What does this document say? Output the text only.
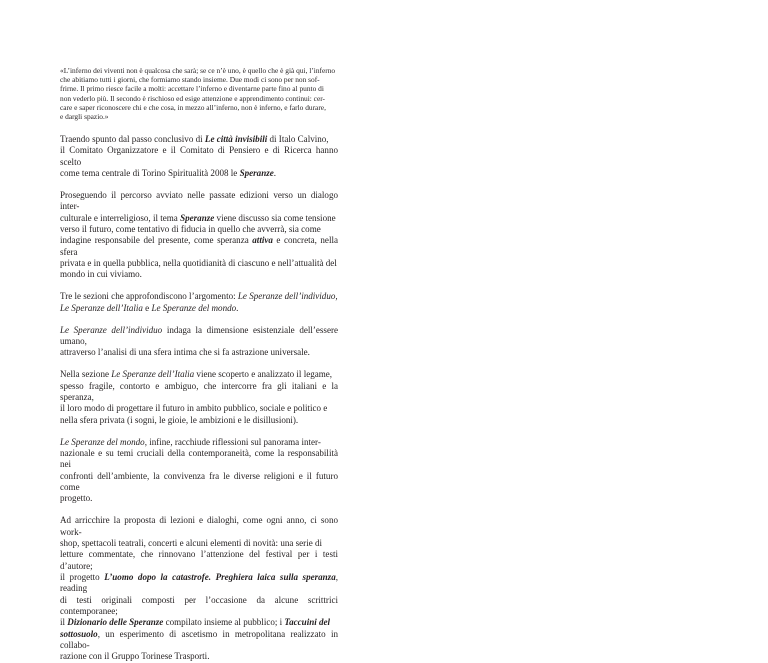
«L’inferno dei viventi non è qualcosa che sarà; se ce n’è uno, è quello che è già qui, l’inferno
che abitiamo tutti i giorni, che formiamo stando insieme. Due modi ci sono per non sof-
frirne. Il primo riesce facile a molti: accettare l’inferno e diventarne parte fino al punto di
non vederlo più. Il secondo è rischioso ed esige attenzione e apprendimento continui: cer-
care e saper riconoscere chi e che cosa, in mezzo all’inferno, non è inferno, e farlo durare,
e dargli spazio.»

Traendo spunto dal passo conclusivo di Le città invisibili di Italo Calvino,
il Comitato Organizzatore e il Comitato di Pensiero e di Ricerca hanno scelto
come tema centrale di Torino Spiritualità 2008 le Speranze.

Proseguendo il percorso avviato nelle passate edizioni verso un dialogo inter-
culturale e interreligioso, il tema Speranze viene discusso sia come tensione
verso il futuro, come tentativo di fiducia in quello che avverrà, sia come
indagine responsabile del presente, come speranza attiva e concreta, nella sfera
privata e in quella pubblica, nella quotidianità di ciascuno e nell’attualità del
mondo in cui viviamo.

Tre le sezioni che approfondiscono l’argomento: Le Speranze dell’individuo,
Le Speranze dell’Italia e Le Speranze del mondo.

Le Speranze dell’individuo indaga la dimensione esistenziale dell’essere umano,
attraverso l’analisi di una sfera intima che si fa astrazione universale.

Nella sezione Le Speranze dell’Italia viene scoperto e analizzato il legame,
spesso fragile, contorto e ambiguo, che intercorre fra gli italiani e la speranza,
il loro modo di progettare il futuro in ambito pubblico, sociale e politico e
nella sfera privata (i sogni, le gioie, le ambizioni e le disillusioni).

Le Speranze del mondo, infine, racchiude riflessioni sul panorama inter-
nazionale e su temi cruciali della contemporaneità, come la responsabilità nei
confronti dell’ambiente, la convivenza fra le diverse religioni e il futuro come
progetto.

Ad arricchire la proposta di lezioni e dialoghi, come ogni anno, ci sono work-
shop, spettacoli teatrali, concerti e alcuni elementi di novità: una serie di
letture commentate, che rinnovano l’attenzione del festival per i testi d’autore;
il progetto L’uomo dopo la catastrofe. Preghiera laica sulla speranza, reading
di testi originali composti per l’occasione da alcune scrittrici contemporanee;
il Dizionario delle Speranze compilato insieme al pubblico; i Taccuini del
sottosuolo, un esperimento di ascetismo in metropolitana realizzato in collabo-
razione con il Gruppo Torinese Trasporti.
